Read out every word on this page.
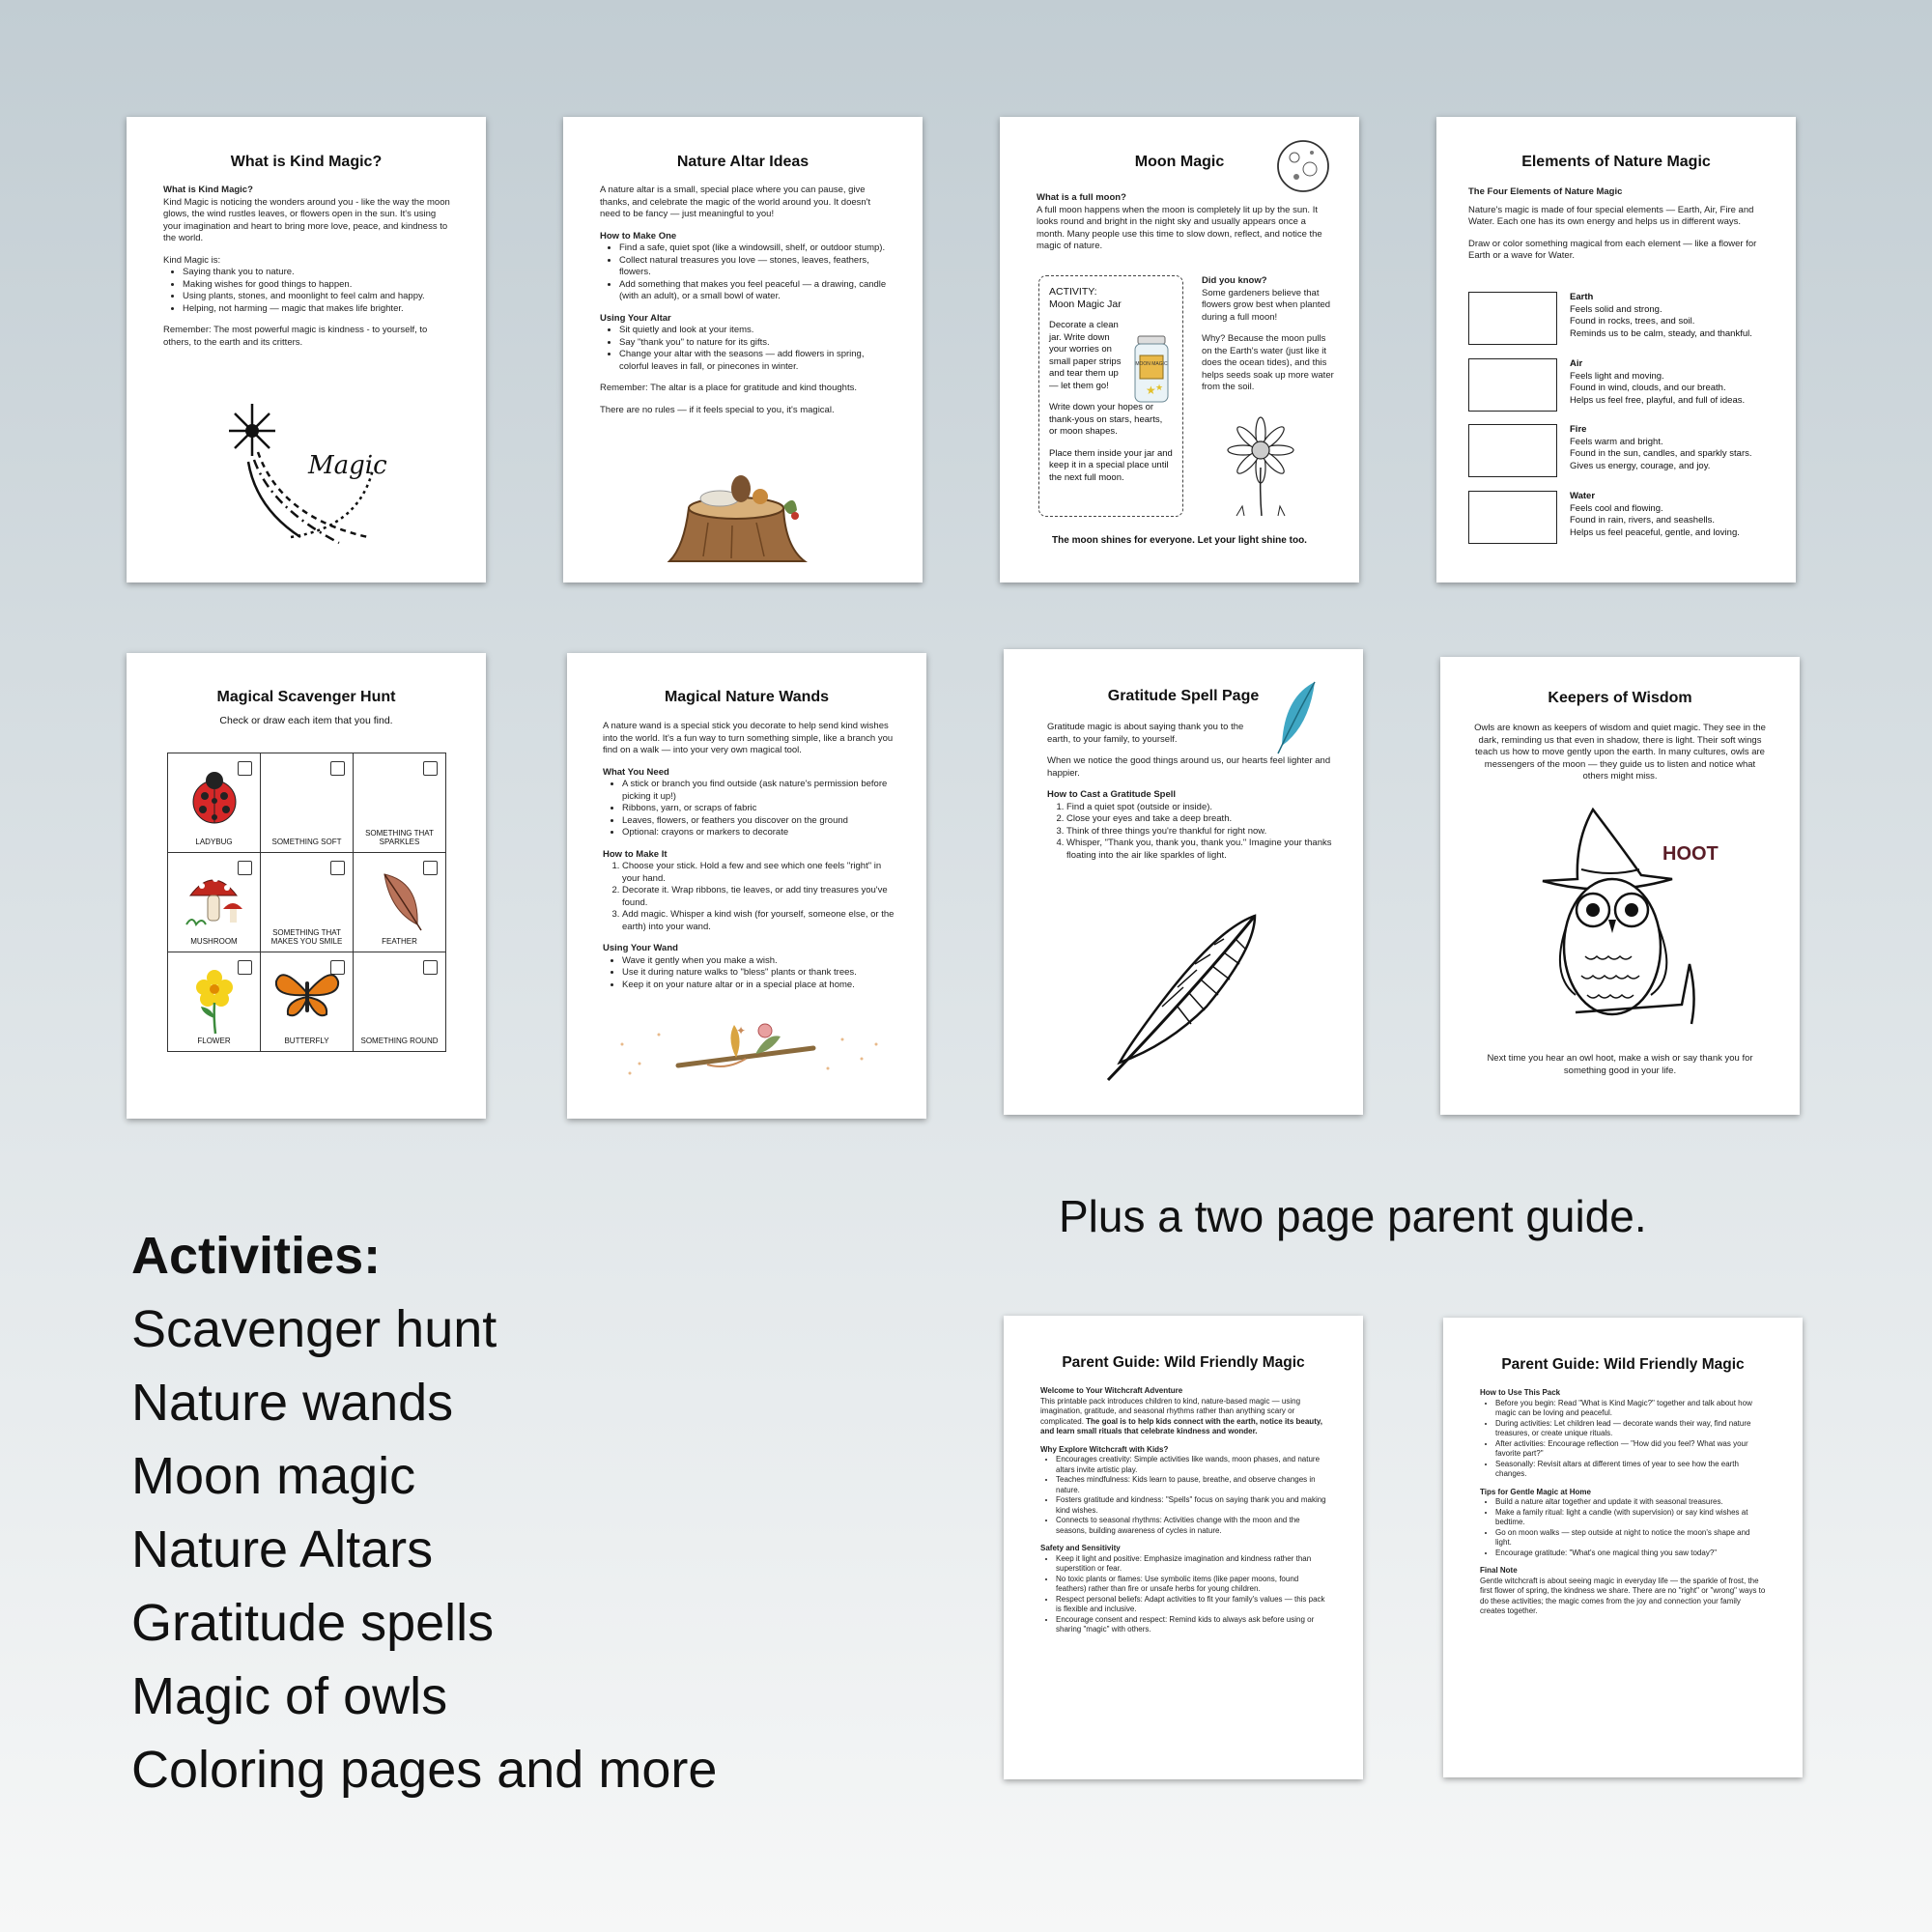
What is Kind Magic?
What is Kind Magic?

Kind Magic is noticing the wonders around you - like the way the moon glows, the wind rustles leaves, or flowers open in the sun. It's using your imagination and heart to bring more love, peace, and kindness to the world.

Kind Magic is:
• Saying thank you to nature.
• Making wishes for good things to happen.
• Using plants, stones, and moonlight to feel calm and happy.
• Helping, not harming — magic that makes life brighter.

Remember: The most powerful magic is kindness - to yourself, to others, to the earth and its critters.

Magic
Nature Altar Ideas

A nature altar is a small, special place where you can pause, give thanks, and celebrate the magic of the world around you. It doesn't need to be fancy — just meaningful to you!

How to Make One
• Find a safe, quiet spot (like a windowsill, shelf, or outdoor stump).
• Collect natural treasures you love — stones, leaves, feathers, flowers.
• Add something that makes you feel peaceful — a drawing, candle (with an adult), or a small bowl of water.
Using Your Altar
• Sit quietly and look at your items.
• Say "thank you" to nature for its gifts.
• Change your altar with the seasons — add flowers in spring, colorful leaves in fall, or pinecones in winter.

Remember: The altar is a place for gratitude and kind thoughts.

There are no rules — if it feels special to you, it's magical.

Moon Magic
What is a full moon?

A full moon happens when the moon is completely lit up by the sun. It looks round and bright in the night sky and usually appears once a month. Many people use this time to slow down, reflect, and notice the magic of nature.

ACTIVITY:
Moon Magic Jar
Decorate a clean jar. Write down your worries on small paper strips and tear them up — let them go!
Write down your hopes or thank-yous on stars, hearts, or moon shapes.
Place them inside your jar and keep it in a special place until the next full moon.
MOON MAGIC
★ ★
Did you know?

Some gardeners believe that flowers grow best when planted during a full moon!

Why? Because the moon pulls on the Earth's water (just like it does the ocean tides), and this helps seeds soak up more water from the soil.

The moon shines for everyone. Let your light shine too.
Elements of Nature Magic
The Four Elements of Nature Magic

Nature's magic is made of four special elements — Earth, Air, Fire and Water. Each one has its own energy and helps us in different ways.

Draw or color something magical from each element — like a flower for Earth or a wave for Water.

Earth
Feels solid and strong.
Found in rocks, trees, and soil.
Reminds us to be calm, steady, and thankful.
Air
Feels light and moving.
Found in wind, clouds, and our breath.
Helps us feel free, playful, and full of ideas.
Fire
Feels warm and bright.
Found in the sun, candles, and sparkly stars.
Gives us energy, courage, and joy.
Water
Feels cool and flowing.
Found in rain, rivers, and seashells.
Helps us feel peaceful, gentle, and loving.
Magical Scavenger Hunt
Check or draw each item that you find.
LADYBUG	SOMETHING SOFT	SOMETHING THAT SPARKLES

MUSHROOM	SOMETHING THAT MAKES YOU SMILE	FEATHER

FLOWER	BUTTERFLY	SOMETHING ROUND
Magical Nature Wands

A nature wand is a special stick you decorate to help send kind wishes into the world. It's a fun way to turn something simple, like a branch you find on a walk — into your very own magical tool.

What You Need
• A stick or branch you find outside (ask nature's permission before picking it up!)
• Ribbons, yarn, or scraps of fabric
• Leaves, flowers, or feathers you discover on the ground
• Optional: crayons or markers to decorate
How to Make It
1. Choose your stick. Hold a few and see which one feels "right" in your hand.
2. Decorate it. Wrap ribbons, tie leaves, or add tiny treasures you've found.
3. Add magic. Whisper a kind wish (for yourself, someone else, or the earth) into your wand.
Using Your Wand
• Wave it gently when you make a wish.
• Use it during nature walks to "bless" plants or thank trees.
• Keep it on your nature altar or in a special place at home.
✦
Gratitude Spell Page

Gratitude magic is about saying thank you to the earth, to your family, to yourself.

When we notice the good things around us, our hearts feel lighter and happier.

How to Cast a Gratitude Spell
1. Find a quiet spot (outside or inside).
2. Close your eyes and take a deep breath.
3. Think of three things you're thankful for right now.
4. Whisper, "Thank you, thank you, thank you." Imagine your thanks floating into the air like sparkles of light.
Keepers of Wisdom
Owls are known as keepers of wisdom and quiet magic. They see in the dark, reminding us that even in shadow, there is light. Their soft wings teach us how to move gently upon the earth. In many cultures, owls are messengers of the moon — they guide us to listen and notice what others might miss.
HOOT
Next time you hear an owl hoot, make a wish or say thank you for something good in your life.
Parent Guide: Wild Friendly Magic
Welcome to Your Witchcraft Adventure

This printable pack introduces children to kind, nature-based magic — using imagination, gratitude, and seasonal rhythms rather than anything scary or complicated. The goal is to help kids connect with the earth, notice its beauty, and learn small rituals that celebrate kindness and wonder.

Why Explore Witchcraft with Kids?
• Encourages creativity: Simple activities like wands, moon phases, and nature altars invite artistic play.
• Teaches mindfulness: Kids learn to pause, breathe, and observe changes in nature.
• Fosters gratitude and kindness: "Spells" focus on saying thank you and making kind wishes.
• Connects to seasonal rhythms: Activities change with the moon and the seasons, building awareness of cycles in nature.
Safety and Sensitivity
• Keep it light and positive: Emphasize imagination and kindness rather than superstition or fear.
• No toxic plants or flames: Use symbolic items (like paper moons, found feathers) rather than fire or unsafe herbs for young children.
• Respect personal beliefs: Adapt activities to fit your family's values — this pack is flexible and inclusive.
• Encourage consent and respect: Remind kids to always ask before using or sharing "magic" with others.
Parent Guide: Wild Friendly Magic
How to Use This Pack
• Before you begin: Read "What is Kind Magic?" together and talk about how magic can be loving and peaceful.
• During activities: Let children lead — decorate wands their way, find nature treasures, or create unique rituals.
• After activities: Encourage reflection — "How did you feel? What was your favorite part?"
• Seasonally: Revisit altars at different times of year to see how the earth changes.
Tips for Gentle Magic at Home
• Build a nature altar together and update it with seasonal treasures.
• Make a family ritual: light a candle (with supervision) or say kind wishes at bedtime.
• Go on moon walks — step outside at night to notice the moon's shape and light.
• Encourage gratitude: "What's one magical thing you saw today?"
Final Note

Gentle witchcraft is about seeing magic in everyday life — the sparkle of frost, the first flower of spring, the kindness we share. There are no "right" or "wrong" ways to do these activities; the magic comes from the joy and connection your family creates together.

Activities:
Scavenger hunt
Nature wands
Moon magic
Nature Altars
Gratitude spells
Magic of owls
Coloring pages and more
Plus a two page parent guide.
